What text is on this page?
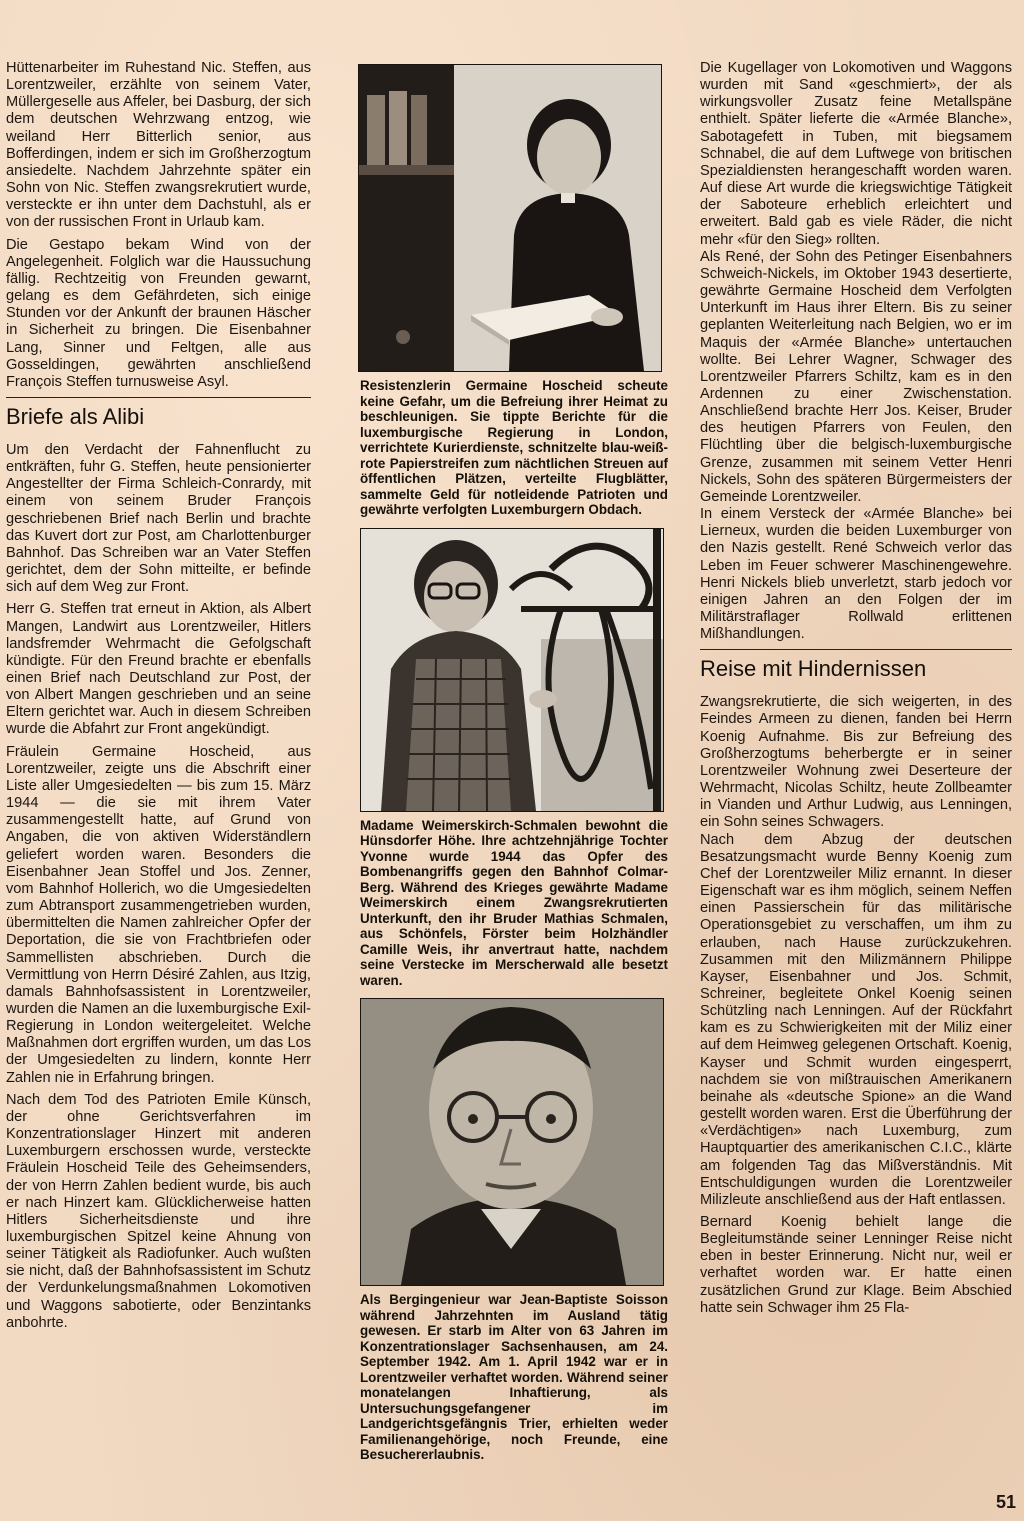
Hüttenarbeiter im Ruhestand Nic. Steffen, aus Lorentzweiler, erzählte von seinem Vater, Müllergeselle aus Affeler, bei Dasburg, der sich dem deutschen Wehrzwang entzog, wie weiland Herr Bitterlich senior, aus Bofferdingen, indem er sich im Großherzogtum ansiedelte. Nachdem Jahrzehnte später ein Sohn von Nic. Steffen zwangsrekrutiert wurde, versteckte er ihn unter dem Dachstuhl, als er von der russischen Front in Urlaub kam.

Die Gestapo bekam Wind von der Angelegenheit. Folglich war die Haussuchung fällig. Rechtzeitig von Freunden gewarnt, gelang es dem Gefährdeten, sich einige Stunden vor der Ankunft der braunen Häscher in Sicherheit zu bringen. Die Eisenbahner Lang, Sinner und Feltgen, alle aus Gosseldingen, gewährten anschließend François Steffen turnusweise Asyl.

Briefe als Alibi

Um den Verdacht der Fahnenflucht zu entkräften, fuhr G. Steffen, heute pensionierter Angestellter der Firma Schleich-Conrardy, mit einem von seinem Bruder François geschriebenen Brief nach Berlin und brachte das Kuvert dort zur Post, am Charlottenburger Bahnhof. Das Schreiben war an Vater Steffen gerichtet, dem der Sohn mitteilte, er befinde sich auf dem Weg zur Front.

Herr G. Steffen trat erneut in Aktion, als Albert Mangen, Landwirt aus Lorentzweiler, Hitlers landsfremder Wehrmacht die Gefolgschaft kündigte. Für den Freund brachte er ebenfalls einen Brief nach Deutschland zur Post, der von Albert Mangen geschrieben und an seine Eltern gerichtet war. Auch in diesem Schreiben wurde die Abfahrt zur Front angekündigt.

Fräulein Germaine Hoscheid, aus Lorentzweiler, zeigte uns die Abschrift einer Liste aller Umgesiedelten — bis zum 15. März 1944 — die sie mit ihrem Vater zusammengestellt hatte, auf Grund von Angaben, die von aktiven Widerständlern geliefert worden waren. Besonders die Eisenbahner Jean Stoffel und Jos. Zenner, vom Bahnhof Hollerich, wo die Umgesiedelten zum Abtransport zusammengetrieben wurden, übermittelten die Namen zahlreicher Opfer der Deportation, die sie von Frachtbriefen oder Sammellisten abschrieben. Durch die Vermittlung von Herrn Désiré Zahlen, aus Itzig, damals Bahnhofsassistent in Lorentzweiler, wurden die Namen an die luxemburgische Exil-Regierung in London weitergeleitet. Welche Maßnahmen dort ergriffen wurden, um das Los der Umgesiedelten zu lindern, konnte Herr Zahlen nie in Erfahrung bringen.

Nach dem Tod des Patrioten Emile Künsch, der ohne Gerichtsverfahren im Konzentrationslager Hinzert mit anderen Luxemburgern erschossen wurde, versteckte Fräulein Hoscheid Teile des Geheimsenders, der von Herrn Zahlen bedient wurde, bis auch er nach Hinzert kam. Glücklicherweise hatten Hitlers Sicherheitsdienste und ihre luxemburgischen Spitzel keine Ahnung von seiner Tätigkeit als Radiofunker. Auch wußten sie nicht, daß der Bahnhofsassistent im Schutz der Verdunkelungsmaßnahmen Lokomotiven und Waggons sabotierte, oder Benzintanks anbohrte.

Resistenzlerin Germaine Hoscheid scheute keine Gefahr, um die Befreiung ihrer Heimat zu beschleunigen. Sie tippte Berichte für die luxemburgische Regierung in London, verrichtete Kurierdienste, schnitzelte blau-weiß-rote Papierstreifen zum nächtlichen Streuen auf öffentlichen Plätzen, verteilte Flugblätter, sammelte Geld für notleidende Patrioten und gewährte verfolgten Luxemburgern Obdach.
Madame Weimerskirch-Schmalen bewohnt die Hünsdorfer Höhe. Ihre achtzehnjährige Tochter Yvonne wurde 1944 das Opfer des Bombenangriffs gegen den Bahnhof Colmar-Berg. Während des Krieges gewährte Madame Weimerskirch einem Zwangsrekrutierten Unterkunft, den ihr Bruder Mathias Schmalen, aus Schönfels, Förster beim Holzhändler Camille Weis, ihr anvertraut hatte, nachdem seine Verstecke im Merscherwald alle besetzt waren.
Als Bergingenieur war Jean-Baptiste Soisson während Jahrzehnten im Ausland tätig gewesen. Er starb im Alter von 63 Jahren im Konzentrationslager Sachsenhausen, am 24. September 1942. Am 1. April 1942 war er in Lorentzweiler verhaftet worden. Während seiner monatelangen Inhaftierung, als Untersuchungsgefangener im Landgerichtsgefängnis Trier, erhielten weder Familienangehörige, noch Freunde, eine Besuchererlaubnis.

Die Kugellager von Lokomotiven und Waggons wurden mit Sand «geschmiert», der als wirkungsvoller Zusatz feine Metallspäne enthielt. Später lieferte die «Armée Blanche», Sabotagefett in Tuben, mit biegsamem Schnabel, die auf dem Luftwege von britischen Spezialdiensten herangeschafft worden waren. Auf diese Art wurde die kriegswichtige Tätigkeit der Saboteure erheblich erleichtert und erweitert. Bald gab es viele Räder, die nicht mehr «für den Sieg» rollten.

Als René, der Sohn des Petinger Eisenbahners Schweich-Nickels, im Oktober 1943 desertierte, gewährte Germaine Hoscheid dem Verfolgten Unterkunft im Haus ihrer Eltern. Bis zu seiner geplanten Weiterleitung nach Belgien, wo er im Maquis der «Armée Blanche» untertauchen wollte. Bei Lehrer Wagner, Schwager des Lorentzweiler Pfarrers Schiltz, kam es in den Ardennen zu einer Zwischenstation. Anschließend brachte Herr Jos. Keiser, Bruder des heutigen Pfarrers von Feulen, den Flüchtling über die belgisch-luxemburgische Grenze, zusammen mit seinem Vetter Henri Nickels, Sohn des späteren Bürgermeisters der Gemeinde Lorentzweiler.

In einem Versteck der «Armée Blanche» bei Lierneux, wurden die beiden Luxemburger von den Nazis gestellt. René Schweich verlor das Leben im Feuer schwerer Maschinengewehre. Henri Nickels blieb unverletzt, starb jedoch vor einigen Jahren an den Folgen der im Militärstraflager Rollwald erlittenen Mißhandlungen.

Reise mit Hindernissen

Zwangsrekrutierte, die sich weigerten, in des Feindes Armeen zu dienen, fanden bei Herrn Koenig Aufnahme. Bis zur Befreiung des Großherzogtums beherbergte er in seiner Lorentzweiler Wohnung zwei Deserteure der Wehrmacht, Nicolas Schiltz, heute Zollbeamter in Vianden und Arthur Ludwig, aus Lenningen, ein Sohn seines Schwagers.

Nach dem Abzug der deutschen Besatzungsmacht wurde Benny Koenig zum Chef der Lorentzweiler Miliz ernannt. In dieser Eigenschaft war es ihm möglich, seinem Neffen einen Passierschein für das militärische Operationsgebiet zu verschaffen, um ihm zu erlauben, nach Hause zurückzukehren. Zusammen mit den Milizmännern Philippe Kayser, Eisenbahner und Jos. Schmit, Schreiner, begleitete Onkel Koenig seinen Schützling nach Lenningen. Auf der Rückfahrt kam es zu Schwierigkeiten mit der Miliz einer auf dem Heimweg gelegenen Ortschaft. Koenig, Kayser und Schmit wurden eingesperrt, nachdem sie von mißtrauischen Amerikanern beinahe als «deutsche Spione» an die Wand gestellt worden waren. Erst die Überführung der «Verdächtigen» nach Luxemburg, zum Hauptquartier des amerikanischen C.I.C., klärte am folgenden Tag das Mißverständnis. Mit Entschuldigungen wurden die Lorentzweiler Milizleute anschließend aus der Haft entlassen.

Bernard Koenig behielt lange die Begleitumstände seiner Lenninger Reise nicht eben in bester Erinnerung. Nicht nur, weil er verhaftet worden war. Er hatte einen zusätzlichen Grund zur Klage. Beim Abschied hatte sein Schwager ihm 25 Fla-

51
